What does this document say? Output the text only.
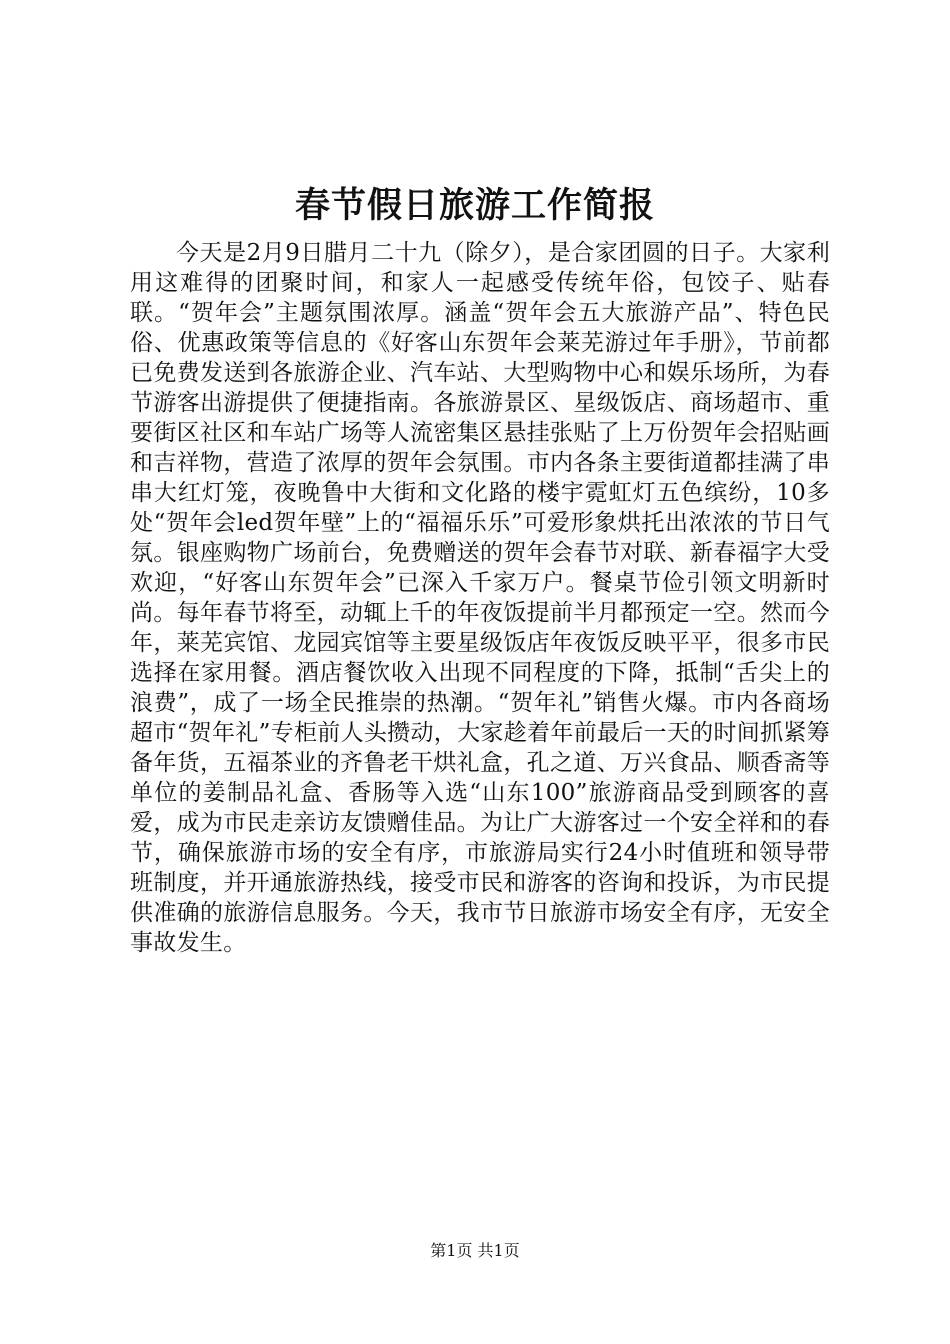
春节假日旅游工作简报

今天是2月9日腊月二十九（除夕），是合家团圆的日子。大家利用这难得的团聚时间，和家人一起感受传统年俗，包饺子、贴春联。“贺年会”主题氛围浓厚。涵盖“贺年会五大旅游产品”、特色民俗、优惠政策等信息的《好客山东贺年会莱芜游过年手册》，节前都已免费发送到各旅游企业、汽车站、大型购物中心和娱乐场所，为春节游客出游提供了便捷指南。各旅游景区、星级饭店、商场超市、重要街区社区和车站广场等人流密集区悬挂张贴了上万份贺年会招贴画和吉祥物，营造了浓厚的贺年会氛围。市内各条主要街道都挂满了串串大红灯笼，夜晚鲁中大街和文化路的楼宇霓虹灯五色缤纷，10多处“贺年会led贺年壁”上的“福福乐乐”可爱形象烘托出浓浓的节日气氛。银座购物广场前台，免费赠送的贺年会春节对联、新春福字大受欢迎，“好客山东贺年会”已深入千家万户。餐桌节俭引领文明新时尚。每年春节将至，动辄上千的年夜饭提前半月都预定一空。然而今年，莱芜宾馆、龙园宾馆等主要星级饭店年夜饭反映平平，很多市民选择在家用餐。酒店餐饮收入出现不同程度的下降，抵制“舌尖上的浪费”，成了一场全民推崇的热潮。“贺年礼”销售火爆。市内各商场超市“贺年礼”专柜前人头攒动，大家趁着年前最后一天的时间抓紧筹备年货，五福茶业的齐鲁老干烘礼盒，孔之道、万兴食品、顺香斋等单位的姜制品礼盒、香肠等入选“山东100”旅游商品受到顾客的喜爱，成为市民走亲访友馈赠佳品。为让广大游客过一个安全祥和的春节，确保旅游市场的安全有序，市旅游局实行24小时值班和领导带班制度，并开通旅游热线，接受市民和游客的咨询和投诉，为市民提供准确的旅游信息服务。今天，我市节日旅游市场安全有序，无安全事故发生。

第1页 共1页
